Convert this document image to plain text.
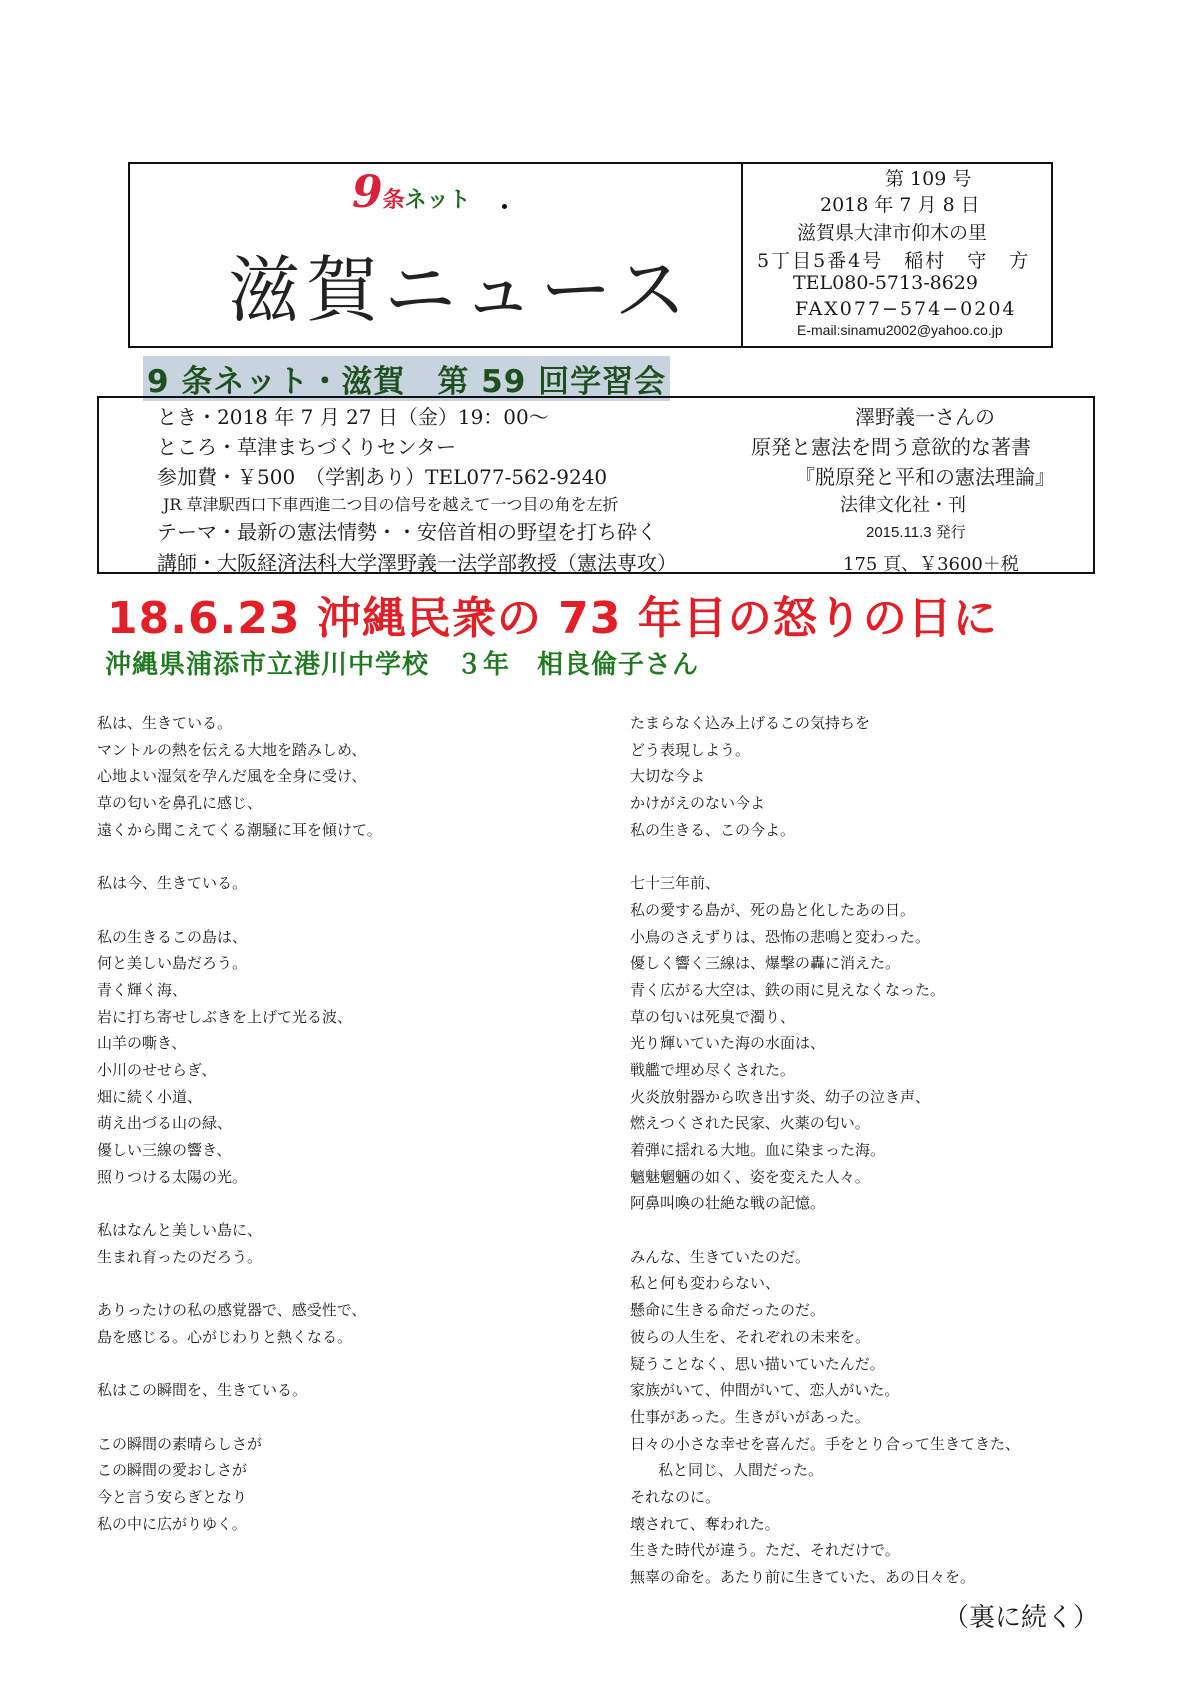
9条ネット
滋賀ニュース
第 109 号
2018 年 7 月 8 日
滋賀県大津市仰木の里
5丁目5番4号　稲村　守　方
TEL080-5713-8629
FAX077−574−0204
E-mail:sinamu2002@yahoo.co.jp
9 条ネット・滋賀　第 59 回学習会
とき・2018 年 7 月 27 日（金）19：00〜
ところ・草津まちづくりセンター
参加費・￥500　（学割あり）TEL077-562-9240
JR 草津駅西口下車西進二つ目の信号を越えて一つ目の角を左折
テーマ・最新の憲法情勢・・安倍首相の野望を打ち砕く
講師・大阪経済法科大学澤野義一法学部教授（憲法専攻）
澤野義一さんの
原発と憲法を問う意欲的な著書
『脱原発と平和の憲法理論』
法律文化社・刊
2015.11.3 発行
175 頁、￥3600＋税
18.6.23 沖縄民衆の 73 年目の怒りの日に
沖縄県浦添市立港川中学校　３年　相良倫子さん
私は、生きている。
マントルの熱を伝える大地を踏みしめ、
心地よい湿気を孕んだ風を全身に受け、
草の匂いを鼻孔に感じ、
遠くから聞こえてくる潮騒に耳を傾けて。
私は今、生きている。
私の生きるこの島は、
何と美しい島だろう。
青く輝く海、
岩に打ち寄せしぶきを上げて光る波、
山羊の嘶き、
小川のせせらぎ、
畑に続く小道、
萌え出づる山の緑、
優しい三線の響き、
照りつける太陽の光。
私はなんと美しい島に、
生まれ育ったのだろう。
ありったけの私の感覚器で、感受性で、
島を感じる。心がじわりと熱くなる。
私はこの瞬間を、生きている。
この瞬間の素晴らしさが
この瞬間の愛おしさが
今と言う安らぎとなり
私の中に広がりゆく。
たまらなく込み上げるこの気持ちを
どう表現しよう。
大切な今よ
かけがえのない今よ
私の生きる、この今よ。
七十三年前、
私の愛する島が、死の島と化したあの日。
小鳥のさえずりは、恐怖の悲鳴と変わった。
優しく響く三線は、爆撃の轟に消えた。
青く広がる大空は、鉄の雨に見えなくなった。
草の匂いは死臭で濁り、
光り輝いていた海の水面は、
戦艦で埋め尽くされた。
火炎放射器から吹き出す炎、幼子の泣き声、
燃えつくされた民家、火薬の匂い。
着弾に揺れる大地。血に染まった海。
魑魅魍魎の如く、姿を変えた人々。
阿鼻叫喚の壮絶な戦の記憶。
みんな、生きていたのだ。
私と何も変わらない、
懸命に生きる命だったのだ。
彼らの人生を、それぞれの未来を。
疑うことなく、思い描いていたんだ。
家族がいて、仲間がいて、恋人がいた。
仕事があった。生きがいがあった。
日々の小さな幸せを喜んだ。手をとり合って生きてきた、
私と同じ、人間だった。
それなのに。
壊されて、奪われた。
生きた時代が違う。ただ、それだけで。
無辜の命を。あたり前に生きていた、あの日々を。
（裏に続く）
